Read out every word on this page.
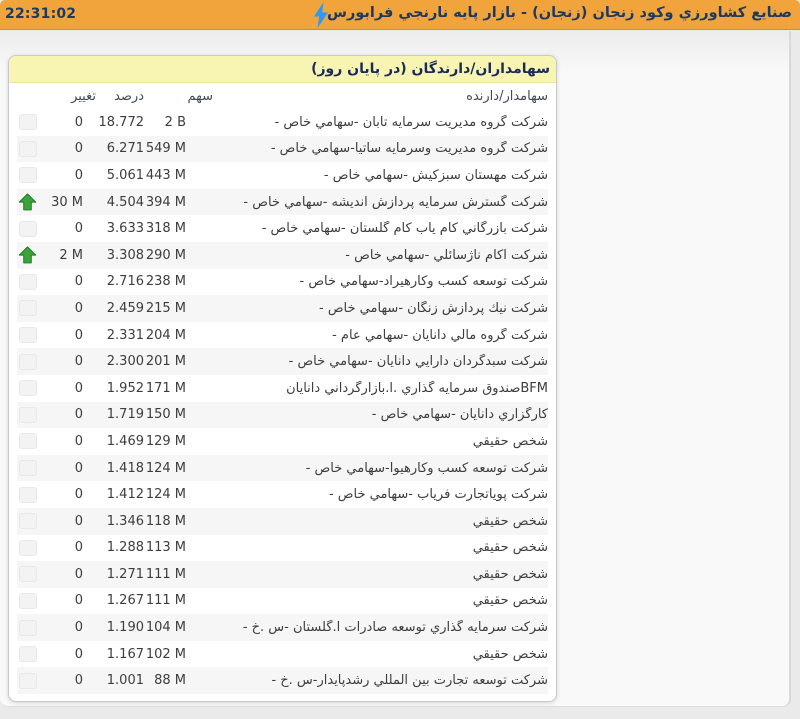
22:31:02	صنايع كشاورزي وكود زنجان (زنجان) - بازار پايه نارنجي فرابورس
سهامداران/دارندگان (در پايان روز)
سهامدار/دارنده
سهم
درصد
تغيير
شركت گروه مديريت سرمايه تابان -سهامي خاص -
2 B
18.772
0
شركت گروه مديريت وسرمايه ساتيا-سهامي خاص -
549 M
6.271
0
شركت مهستان سبزكيش -سهامي خاص -
443 M
5.061
0
شركت گسترش سرمايه پردازش انديشه -سهامي خاص -
394 M
4.504
30 M
شركت بازرگاني كام ياب كام گلستان -سهامي خاص -
318 M
3.633
0
شركت آكام ناژسائلي -سهامي خاص -
290 M
3.308
2 M
شركت توسعه كسب وكارهيراد-سهامي خاص -
238 M
2.716
0
شركت نيك پردازش زنگان -سهامي خاص -
215 M
2.459
0
شركت گروه مالي دانايان -سهامي عام -
204 M
2.331
0
شركت سبدگردان دارايي دانايان -سهامي خاص -
201 M
2.300
0
BFMصندوق سرمايه گذاري .ا.بازارگرداني دانايان
171 M
1.952
0
كارگزاري دانايان -سهامي خاص -
150 M
1.719
0
شخص حقيقي
129 M
1.469
0
شركت توسعه كسب وكارهيوا-سهامي خاص -
124 M
1.418
0
شركت پوياتجارت فرياب -سهامي خاص -
124 M
1.412
0
شخص حقيقي
118 M
1.346
0
شخص حقيقي
113 M
1.288
0
شخص حقيقي
111 M
1.271
0
شخص حقيقي
111 M
1.267
0
شركت سرمايه گذاري توسعه صادرات ا.گلستان -س .خ -
104 M
1.190
0
شخص حقيقي
102 M
1.167
0
شركت توسعه تجارت بين المللي رشدپايدار-س .خ -
88 M
1.001
0
